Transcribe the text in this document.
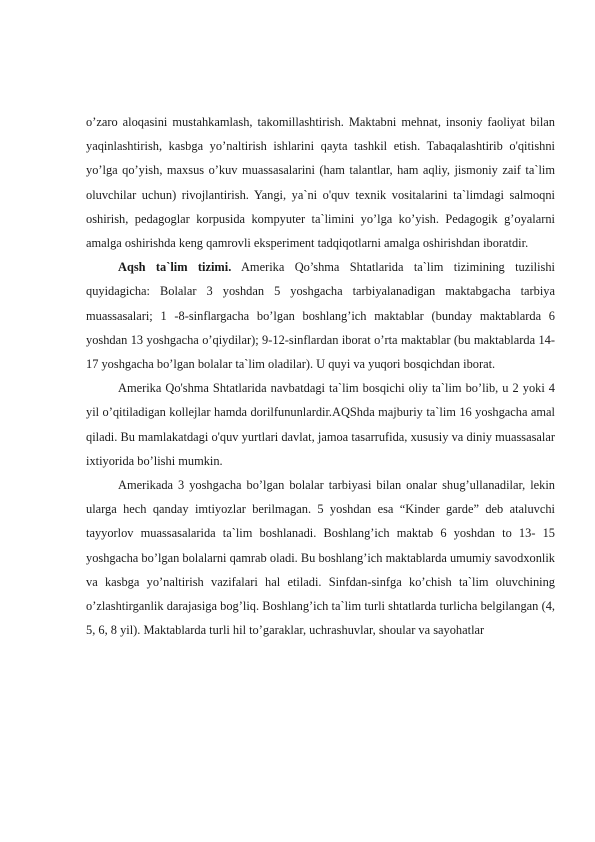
o’zaro aloqasini mustahkamlash, takomillashtirish. Maktabni mehnat, insoniy faoliyat bilan yaqinlashtirish, kasbga yo’naltirish ishlarini qayta tashkil etish. Tabaqalashtirib o'qitishni yo’lga qo’yish, maxsus o’kuv muassasalarini (ham talantlar, ham aqliy, jismoniy zaif ta`lim oluvchilar uchun) rivojlantirish. Yangi, ya`ni o'quv texnik vositalarini ta`limdagi salmoqni oshirish, pedagoglar korpusida kompyuter ta`limini yo’lga ko’yish. Pedagogik g’oyalarni amalga oshirishda keng qamrovli eksperiment tadqiqotlarni amalga oshirishdan iboratdir.

Aqsh ta`lim tizimi. Amerika Qo’shma Shtatlarida ta`lim tizimining tuzilishi quyidagicha: Bolalar 3 yoshdan 5 yoshgacha tarbiyalanadigan maktabgacha tarbiya muassasalari; 1 -8-sinflargacha bo’lgan boshlang’ich maktablar (bunday maktablarda 6 yoshdan 13 yoshgacha o’qiydilar); 9-12-sinflardan iborat o’rta maktablar (bu maktablarda 14-17 yoshgacha bo’lgan bolalar ta`lim oladilar). U quyi va yuqori bosqichdan iborat.

Amerika Qo'shma Shtatlarida navbatdagi ta`lim bosqichi oliy ta`lim bo’lib, u 2 yoki 4 yil o’qitiladigan kollejlar hamda dorilfununlardir.AQShda majburiy ta`lim 16 yoshgacha amal qiladi. Bu mamlakatdagi o'quv yurtlari davlat, jamoa tasarrufida, xususiy va diniy muassasalar ixtiyorida bo’lishi mumkin.

Amerikada 3 yoshgacha bo’lgan bolalar tarbiyasi bilan onalar shug’ullanadilar, lekin ularga hech qanday imtiyozlar berilmagan. 5 yoshdan esa “Kinder garde” deb ataluvchi tayyorlov muassasalarida ta`lim boshlanadi. Boshlang’ich maktab 6 yoshdan to 13- 15 yoshgacha bo’lgan bolalarni qamrab oladi. Bu boshlang’ich maktablarda umumiy savodxonlik va kasbga yo’naltirish vazifalari hal etiladi. Sinfdan-sinfga ko’chish ta`lim oluvchining o’zlashtirganlik darajasiga bog’liq. Boshlang’ich ta`lim turli shtatlarda turlicha belgilangan (4, 5, 6, 8 yil). Maktablarda turli hil to’garaklar, uchrashuvlar, shoular va sayohatlar
